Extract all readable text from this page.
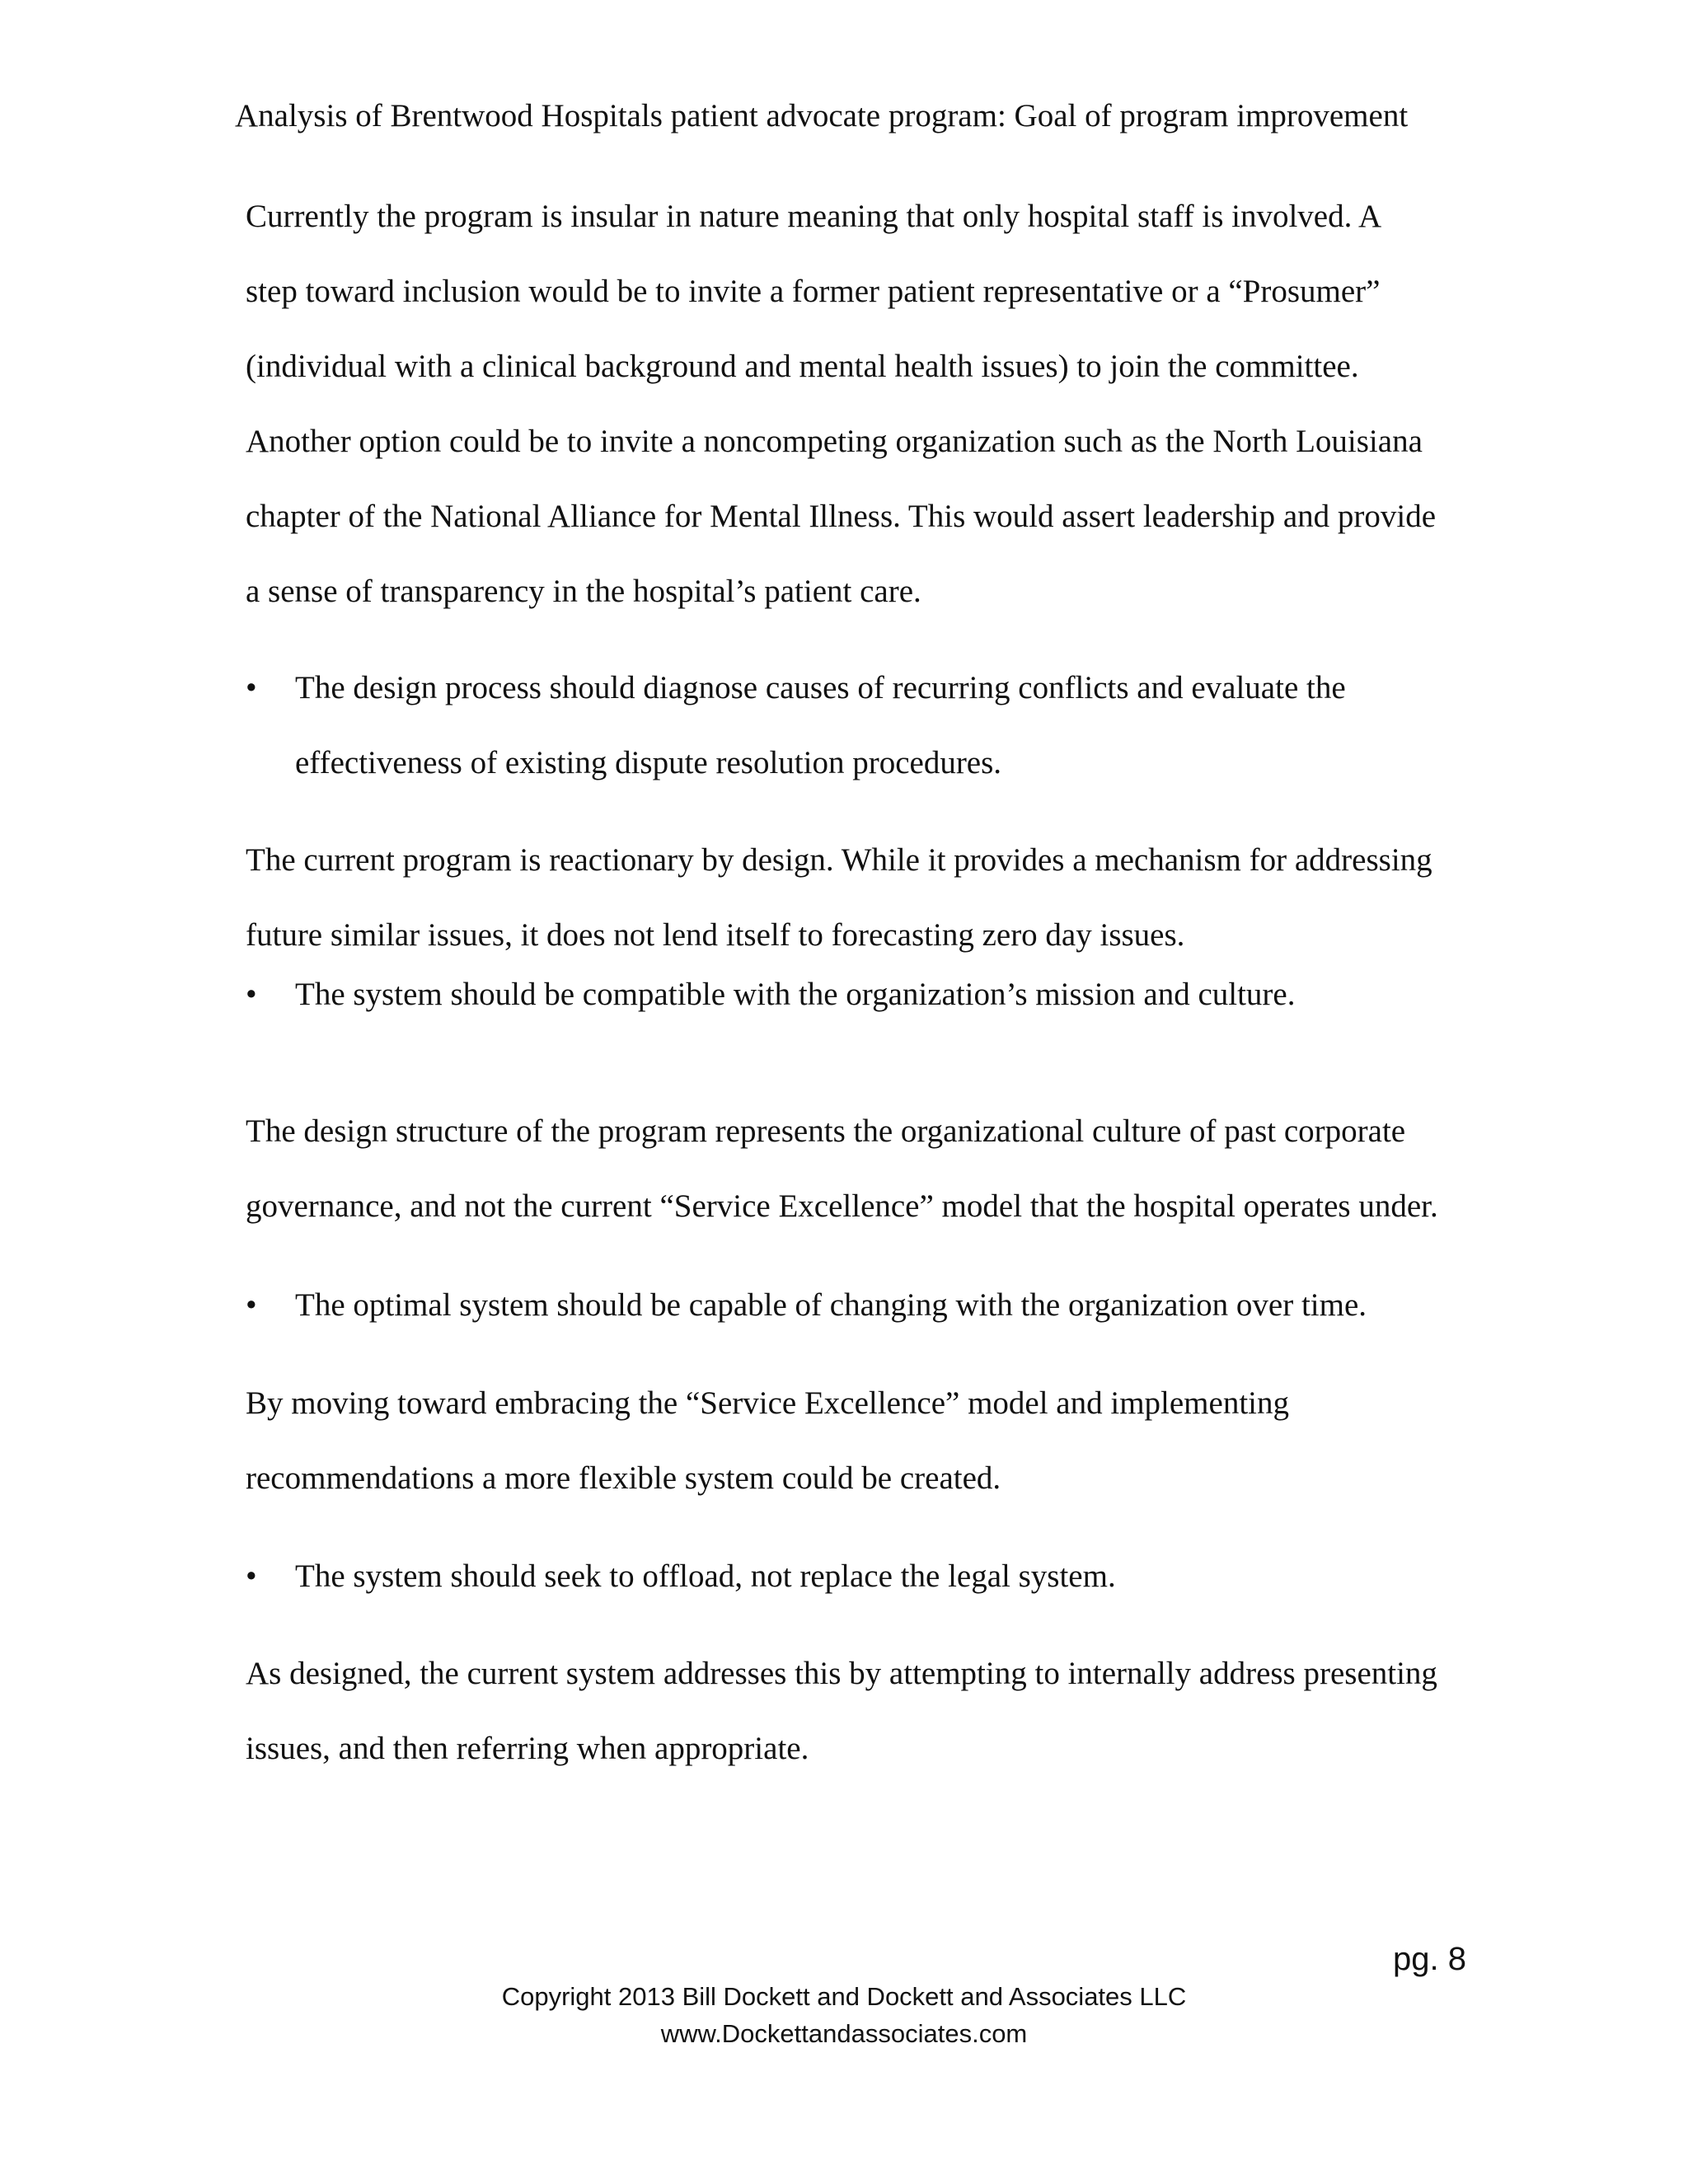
Analysis of Brentwood Hospitals patient advocate program: Goal of program improvement
Currently the program is insular in nature meaning that only hospital staff is involved. A
step toward inclusion would be to invite a former patient representative or a “Prosumer”
(individual with a clinical background and mental health issues) to join the committee.
Another option could be to invite a noncompeting organization such as the North Louisiana
chapter of the National Alliance for Mental Illness. This would assert leadership and provide
a sense of transparency in the hospital’s patient care.
• The design process should diagnose causes of recurring conflicts and evaluate the
effectiveness of existing dispute resolution procedures.
The current program is reactionary by design. While it provides a mechanism for addressing
future similar issues, it does not lend itself to forecasting zero day issues.
• The system should be compatible with the organization’s mission and culture.
The design structure of the program represents the organizational culture of past corporate
governance, and not the current “Service Excellence” model that the hospital operates under.
• The optimal system should be capable of changing with the organization over time.
By moving toward embracing the “Service Excellence” model and implementing
recommendations a more flexible system could be created.
• The system should seek to offload, not replace the legal system.
As designed, the current system addresses this by attempting to internally address presenting
issues, and then referring when appropriate.
pg. 8
Copyright 2013 Bill Dockett and Dockett and Associates LLC
www.Dockettandassociates.com
